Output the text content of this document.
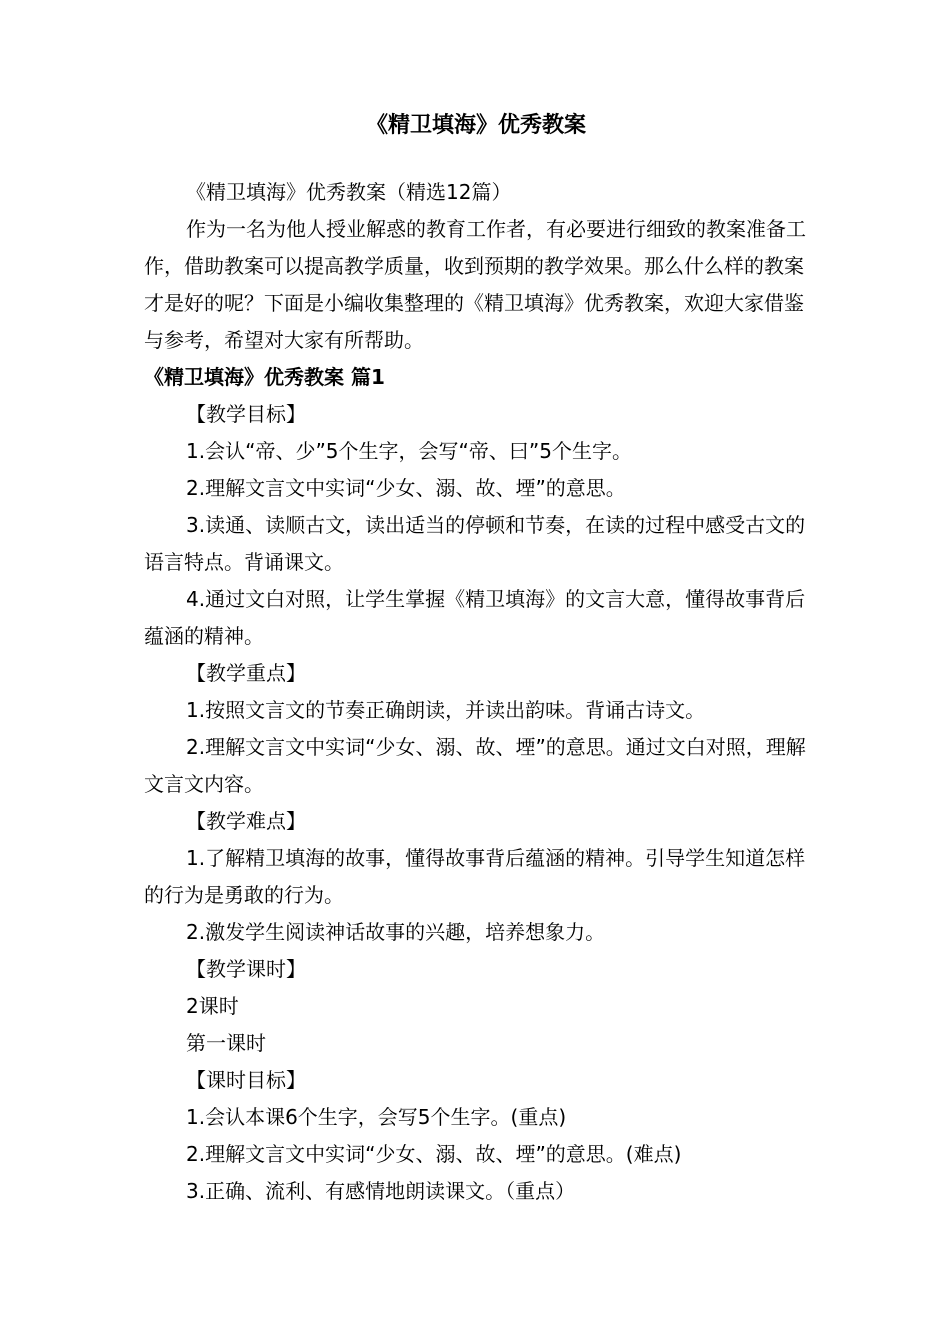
《精卫填海》优秀教案

《精卫填海》优秀教案（精选12篇）

作为一名为他人授业解惑的教育工作者，有必要进行细致的教案准备工作，借助教案可以提高教学质量，收到预期的教学效果。那么什么样的教案才是好的呢？下面是小编收集整理的《精卫填海》优秀教案，欢迎大家借鉴与参考，希望对大家有所帮助。

《精卫填海》优秀教案 篇1

【教学目标】

1.会认“帝、少”5个生字，会写“帝、曰”5个生字。

2.理解文言文中实词“少女、溺、故、堙”的意思。

3.读通、读顺古文，读出适当的停顿和节奏，在读的过程中感受古文的语言特点。背诵课文。

4.通过文白对照，让学生掌握《精卫填海》的文言大意，懂得故事背后蕴涵的精神。

【教学重点】

1.按照文言文的节奏正确朗读，并读出韵味。背诵古诗文。

2.理解文言文中实词“少女、溺、故、堙”的意思。通过文白对照，理解文言文内容。

【教学难点】

1.了解精卫填海的故事，懂得故事背后蕴涵的精神。引导学生知道怎样的行为是勇敢的行为。

2.激发学生阅读神话故事的兴趣，培养想象力。

【教学课时】

2课时

第一课时

【课时目标】

1.会认本课6个生字，会写5个生字。(重点)

2.理解文言文中实词“少女、溺、故、堙”的意思。(难点)

3.正确、流利、有感情地朗读课文。（重点）
